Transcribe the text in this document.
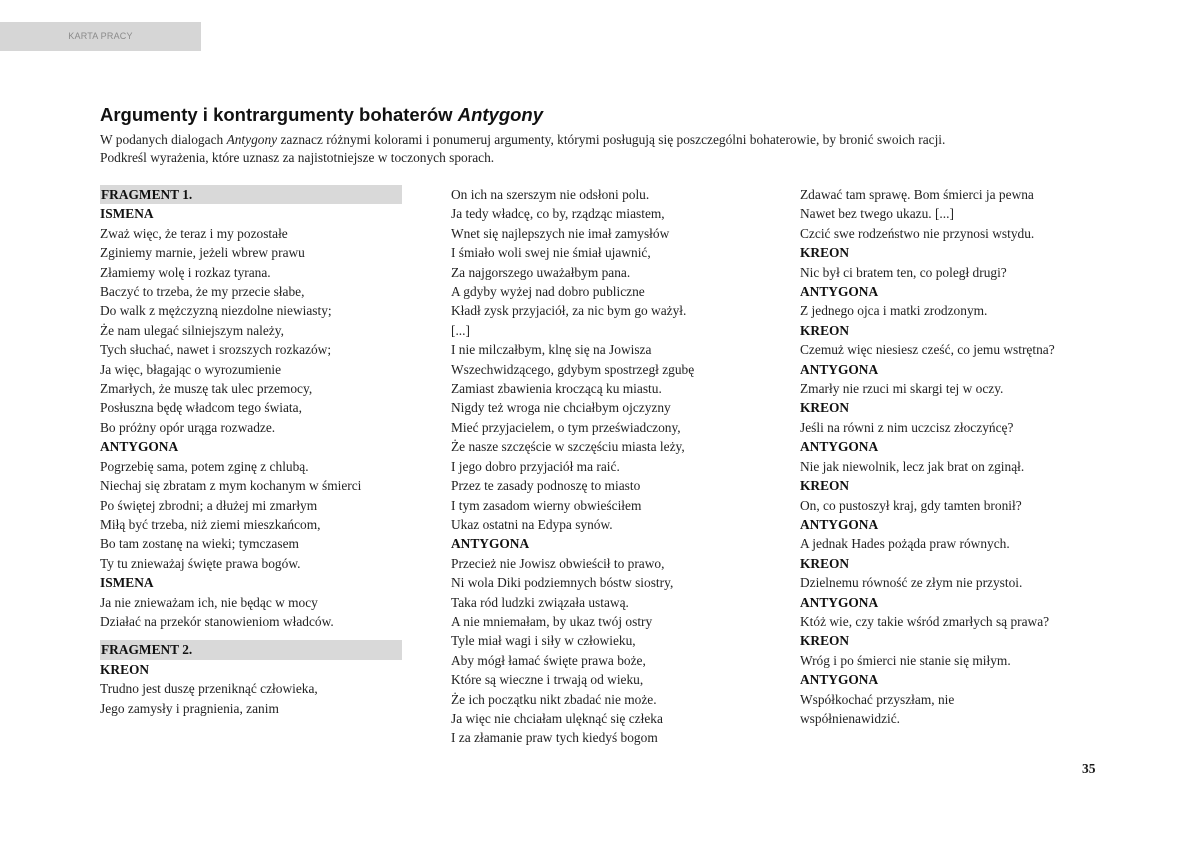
KARTA PRACY
Argumenty i kontrargumenty bohaterów Antygony

W podanych dialogach Antygony zaznacz różnymi kolorami i ponumeruj argumenty, którymi posługują się poszczególni bohaterowie, by bronić swoich racji.

Podkreśl wyrażenia, które uznasz za najistotniejsze w toczonych sporach.

FRAGMENT 1.
ISMENA
Zważ więc, że teraz i my pozostałe
Zginiemy marnie, jeżeli wbrew prawu
Złamiemy wolę i rozkaz tyrana.
Baczyć to trzeba, że my przecie słabe,
Do walk z mężczyzną niezdolne niewiasty;
Że nam ulegać silniejszym należy,
Tych słuchać, nawet i srozszych rozkazów;
Ja więc, błagając o wyrozumienie
Zmarłych, że muszę tak ulec przemocy,
Posłuszna będę władcom tego świata,
Bo próżny opór urąga rozwadze.
ANTYGONA
Pogrzebię sama, potem zginę z chlubą.
Niechaj się zbratam z mym kochanym w śmierci
Po świętej zbrodni; a dłużej mi zmarłym
Miłą być trzeba, niż ziemi mieszkańcom,
Bo tam zostanę na wieki; tymczasem
Ty tu znieważaj święte prawa bogów.
ISMENA
Ja nie znieważam ich, nie będąc w mocy
Działać na przekór stanowieniom władców.
FRAGMENT 2.
KREON
Trudno jest duszę przeniknąć człowieka,
Jego zamysły i pragnienia, zanim
On ich na szerszym nie odsłoni polu.
Ja tedy władcę, co by, rządząc miastem,
Wnet się najlepszych nie imał zamysłów
I śmiało woli swej nie śmiał ujawnić,
Za najgorszego uważałbym pana.
A gdyby wyżej nad dobro publiczne
Kładł zysk przyjaciół, za nic bym go ważył.
[...]
I nie milczałbym, klnę się na Jowisza
Wszechwidzącego, gdybym spostrzegł zgubę
Zamiast zbawienia kroczącą ku miastu.
Nigdy też wroga nie chciałbym ojczyzny
Mieć przyjacielem, o tym przeświadczony,
Że nasze szczęście w szczęściu miasta leży,
I jego dobro przyjaciół ma raić.
Przez te zasady podnoszę to miasto
I tym zasadom wierny obwieściłem
Ukaz ostatni na Edypa synów.
ANTYGONA
Przecież nie Jowisz obwieścił to prawo,
Ni wola Diki podziemnych bóstw siostry,
Taka ród ludzki związała ustawą.
A nie mniemałam, by ukaz twój ostry
Tyle miał wagi i siły w człowieku,
Aby mógł łamać święte prawa boże,
Które są wieczne i trwają od wieku,
Że ich początku nikt zbadać nie może.
Ja więc nie chciałam ulęknąć się człeka
I za złamanie praw tych kiedyś bogom
Zdawać tam sprawę. Bom śmierci ja pewna
Nawet bez twego ukazu. [...]
Czcić swe rodzeństwo nie przynosi wstydu.
KREON
Nic był ci bratem ten, co poległ drugi?
ANTYGONA
Z jednego ojca i matki zrodzonym.
KREON
Czemuż więc niesiesz cześć, co jemu wstrętna?
ANTYGONA
Zmarły nie rzuci mi skargi tej w oczy.
KREON
Jeśli na równi z nim uczcisz złoczyńcę?
ANTYGONA
Nie jak niewolnik, lecz jak brat on zginął.
KREON
On, co pustoszył kraj, gdy tamten bronił?
ANTYGONA
A jednak Hades pożąda praw równych.
KREON
Dzielnemu równość ze złym nie przystoi.
ANTYGONA
Któż wie, czy takie wśród zmarłych są prawa?
KREON
Wróg i po śmierci nie stanie się miłym.
ANTYGONA
Współkochać przyszłam, nie współnienawidzić.
35
